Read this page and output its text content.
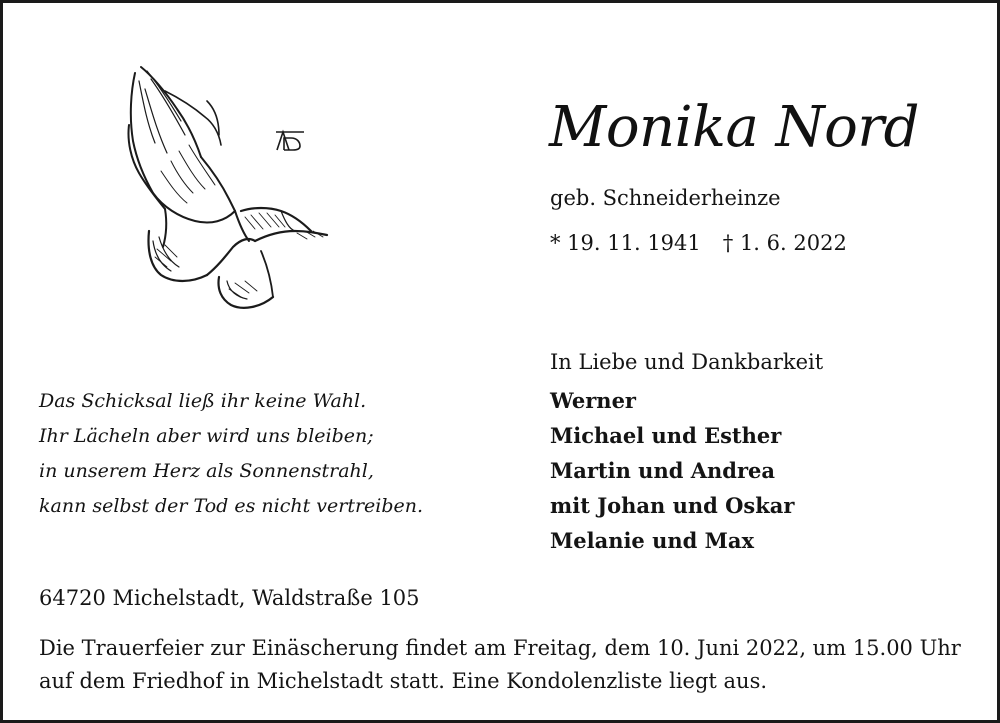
Monika Nord
geb. Schneiderheinze
* 19. 11. 1941 † 1. 6. 2022
Das Schicksal ließ ihr keine Wahl.
Ihr Lächeln aber wird uns bleiben;
in unserem Herz als Sonnenstrahl,
kann selbst der Tod es nicht vertreiben.
In Liebe und Dankbarkeit
Werner
Michael und Esther
Martin und Andrea
mit Johan und Oskar
Melanie und Max
64720 Michelstadt, Waldstraße 105
Die Trauerfeier zur Einäscherung findet am Freitag, dem 10. Juni 2022, um 15.00 Uhr
auf dem Friedhof in Michelstadt statt. Eine Kondolenzliste liegt aus.
